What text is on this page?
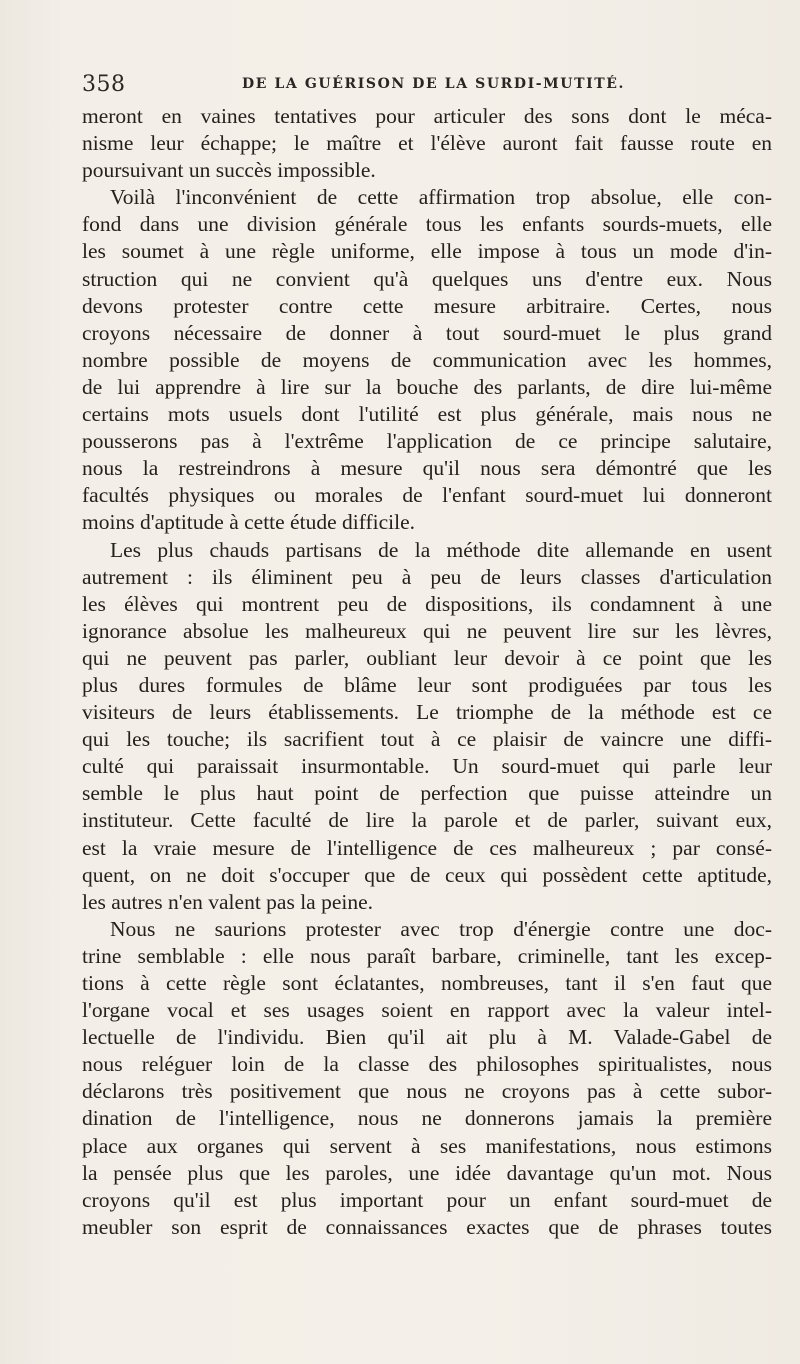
358	DE LA GUÉRISON DE LA SURDI-MUTITÉ.
meront en vaines tentatives pour articuler des sons dont le méca-
nisme leur échappe; le maître et l'élève auront fait fausse route en
poursuivant un succès impossible.
Voilà l'inconvénient de cette affirmation trop absolue, elle con-
fond dans une division générale tous les enfants sourds-muets, elle
les soumet à une règle uniforme, elle impose à tous un mode d'in-
struction qui ne convient qu'à quelques uns d'entre eux. Nous
devons protester contre cette mesure arbitraire. Certes, nous
croyons nécessaire de donner à tout sourd-muet le plus grand
nombre possible de moyens de communication avec les hommes,
de lui apprendre à lire sur la bouche des parlants, de dire lui-même
certains mots usuels dont l'utilité est plus générale, mais nous ne
pousserons pas à l'extrême l'application de ce principe salutaire,
nous la restreindrons à mesure qu'il nous sera démontré que les
facultés physiques ou morales de l'enfant sourd-muet lui donneront
moins d'aptitude à cette étude difficile.
Les plus chauds partisans de la méthode dite allemande en usent
autrement : ils éliminent peu à peu de leurs classes d'articulation
les élèves qui montrent peu de dispositions, ils condamnent à une
ignorance absolue les malheureux qui ne peuvent lire sur les lèvres,
qui ne peuvent pas parler, oubliant leur devoir à ce point que les
plus dures formules de blâme leur sont prodiguées par tous les
visiteurs de leurs établissements. Le triomphe de la méthode est ce
qui les touche; ils sacrifient tout à ce plaisir de vaincre une diffi-
culté qui paraissait insurmontable. Un sourd-muet qui parle leur
semble le plus haut point de perfection que puisse atteindre un
instituteur. Cette faculté de lire la parole et de parler, suivant eux,
est la vraie mesure de l'intelligence de ces malheureux ; par consé-
quent, on ne doit s'occuper que de ceux qui possèdent cette aptitude,
les autres n'en valent pas la peine.
Nous ne saurions protester avec trop d'énergie contre une doc-
trine semblable : elle nous paraît barbare, criminelle, tant les excep-
tions à cette règle sont éclatantes, nombreuses, tant il s'en faut que
l'organe vocal et ses usages soient en rapport avec la valeur intel-
lectuelle de l'individu. Bien qu'il ait plu à M. Valade-Gabel de
nous reléguer loin de la classe des philosophes spiritualistes, nous
déclarons très positivement que nous ne croyons pas à cette subor-
dination de l'intelligence, nous ne donnerons jamais la première
place aux organes qui servent à ses manifestations, nous estimons
la pensée plus que les paroles, une idée davantage qu'un mot. Nous
croyons qu'il est plus important pour un enfant sourd-muet de
meubler son esprit de connaissances exactes que de phrases toutes
